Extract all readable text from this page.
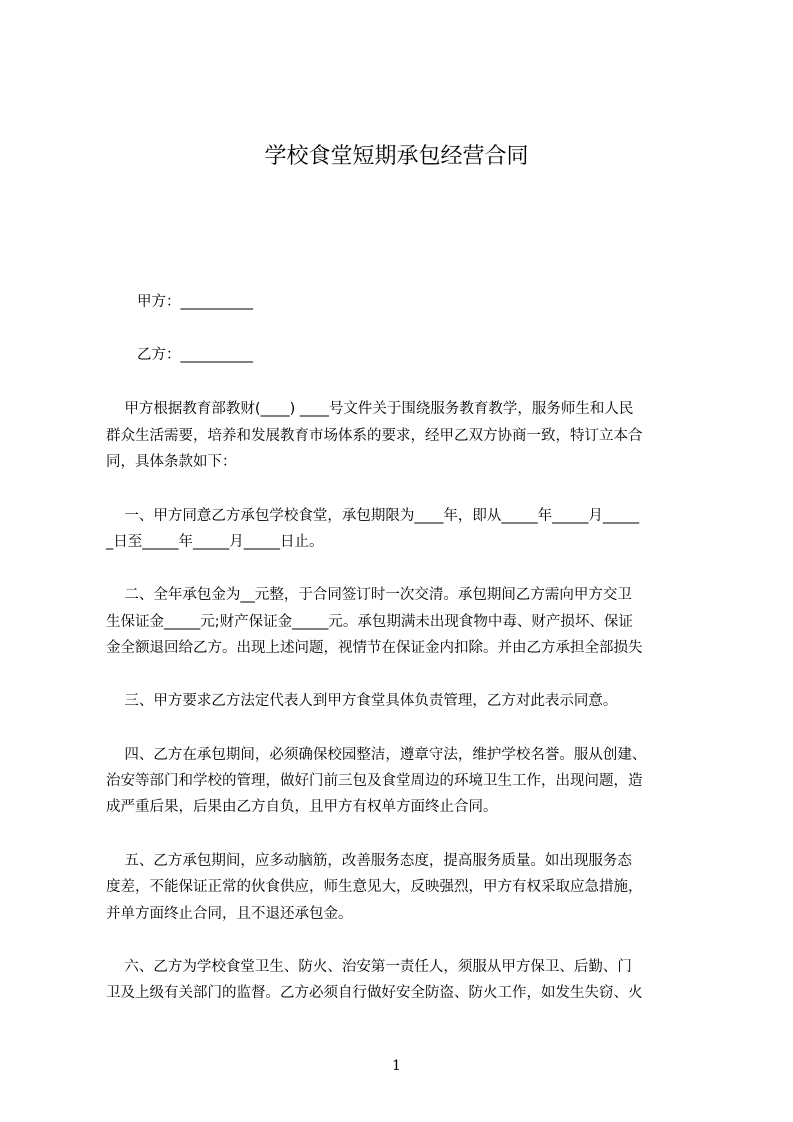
学校食堂短期承包经营合同
甲方：__________
乙方：__________
甲方根据教育部教财(____) ____号文件关于围绕服务教育教学，服务师生和人民
群众生活需要，培养和发展教育市场体系的要求，经甲乙双方协商一致，特订立本合
同，具体条款如下：
一、甲方同意乙方承包学校食堂，承包期限为____年，即从_____年_____月_____
_日至_____年_____月_____日止。
二、全年承包金为__元整，于合同签订时一次交清。承包期间乙方需向甲方交卫
生保证金_____元;财产保证金_____元。承包期满未出现食物中毒、财产损坏、保证
金全额退回给乙方。出现上述问题，视情节在保证金内扣除。并由乙方承担全部损失
三、甲方要求乙方法定代表人到甲方食堂具体负责管理，乙方对此表示同意。
四、乙方在承包期间，必须确保校园整洁，遵章守法，维护学校名誉。服从创建、
治安等部门和学校的管理，做好门前三包及食堂周边的环境卫生工作，出现问题，造
成严重后果，后果由乙方自负，且甲方有权单方面终止合同。
五、乙方承包期间，应多动脑筋，改善服务态度，提高服务质量。如出现服务态
度差，不能保证正常的伙食供应，师生意见大，反映强烈，甲方有权采取应急措施，
并单方面终止合同，且不退还承包金。
六、乙方为学校食堂卫生、防火、治安第一责任人，须服从甲方保卫、后勤、门
卫及上级有关部门的监督。乙方必须自行做好安全防盗、防火工作，如发生失窃、火
1
